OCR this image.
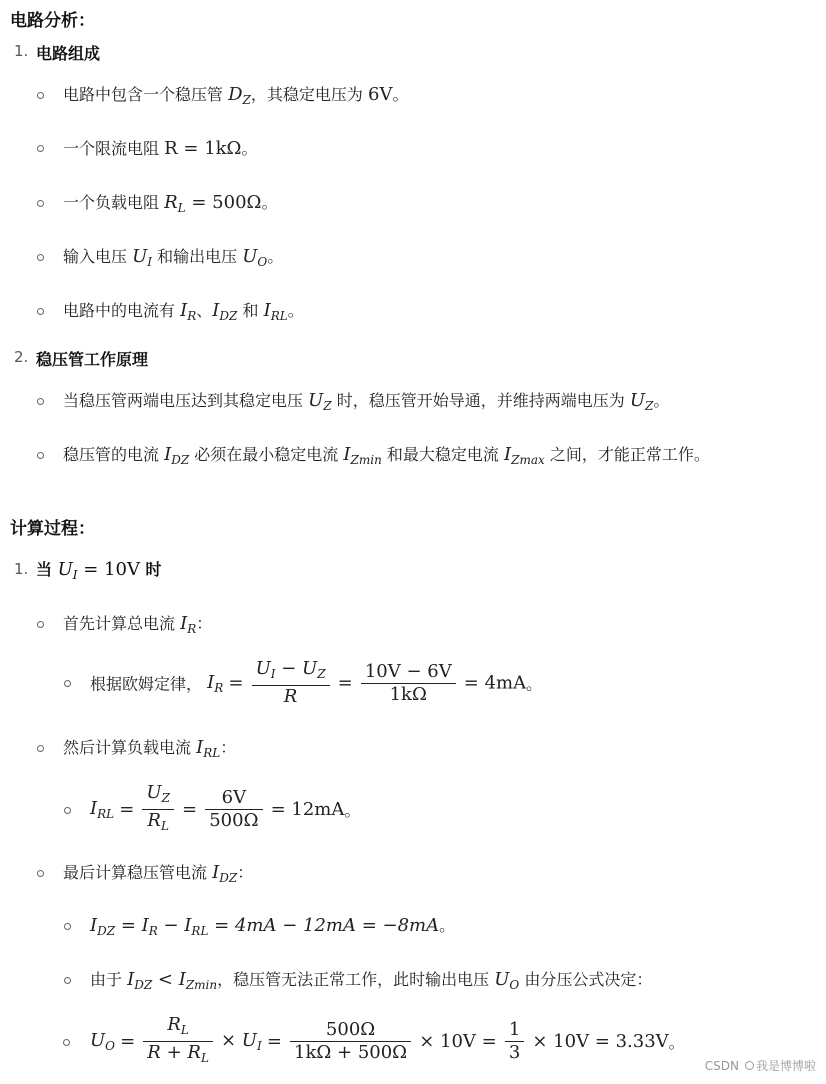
电路分析：
1. 电路组成
电路中包含一个稳压管 $D_Z$，其稳定电压为 6V。
一个限流电阻 R = 1kΩ。
一个负载电阻 $R_L = 500\Omega$。
输入电压 $U_I$ 和输出电压 $U_O$。
电路中的电流有 $I_R$、$I_{DZ}$ 和 $I_{RL}$。
2. 稳压管工作原理
当稳压管两端电压达到其稳定电压 $U_Z$ 时，稳压管开始导通，并维持两端电压为 $U_Z$。
稳压管的电流 $I_{DZ}$ 必须在最小稳定电流 $I_{Zmin}$ 和最大稳定电流 $I_{Zmax}$ 之间，才能正常工作。
计算过程：
1. 当 $U_I = 10V$ 时
首先计算总电流 $I_R$：
根据欧姆定律， $I_R = \frac{U_I - U_Z}{R} = \frac{10V - 6V}{1k\Omega} = 4mA$。
然后计算负载电流 $I_{RL}$：
$I_{RL} = \frac{U_Z}{R_L} = \frac{6V}{500\Omega} = 12mA$。
最后计算稳压管电流 $I_{DZ}$：
$I_{DZ} = I_R - I_{RL} = 4mA - 12mA = -8mA$。
由于 $I_{DZ} < I_{Zmin}$，稳压管无法正常工作，此时输出电压 $U_O$ 由分压公式决定：
$U_O = \frac{R_L}{R + R_L} \times U_I = \frac{500\Omega}{1k\Omega + 500\Omega} \times 10V = \frac{1}{3} \times 10V = 3.33V$。
CSDN 我是博博啦
